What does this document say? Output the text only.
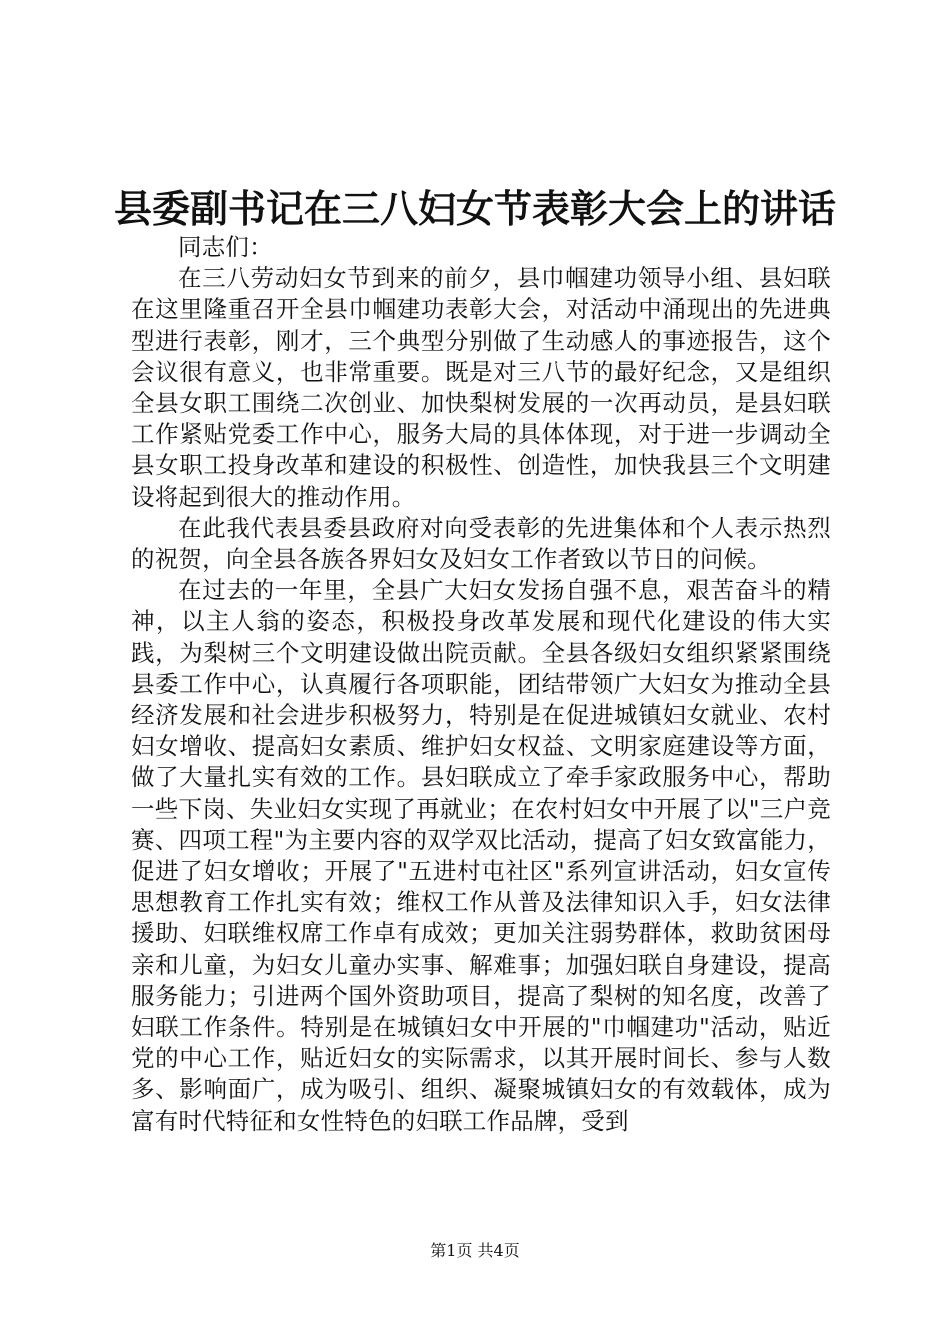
县委副书记在三八妇女节表彰大会上的讲话

同志们：

在三八劳动妇女节到来的前夕，县巾帼建功领导小组、县妇联在这里隆重召开全县巾帼建功表彰大会，对活动中涌现出的先进典型进行表彰，刚才，三个典型分别做了生动感人的事迹报告，这个会议很有意义，也非常重要。既是对三八节的最好纪念，又是组织全县女职工围绕二次创业、加快梨树发展的一次再动员，是县妇联工作紧贴党委工作中心，服务大局的具体体现，对于进一步调动全县女职工投身改革和建设的积极性、创造性，加快我县三个文明建设将起到很大的推动作用。

在此我代表县委县政府对向受表彰的先进集体和个人表示热烈的祝贺，向全县各族各界妇女及妇女工作者致以节日的问候。

在过去的一年里，全县广大妇女发扬自强不息，艰苦奋斗的精神，以主人翁的姿态，积极投身改革发展和现代化建设的伟大实践，为梨树三个文明建设做出院贡献。全县各级妇女组织紧紧围绕县委工作中心，认真履行各项职能，团结带领广大妇女为推动全县经济发展和社会进步积极努力，特别是在促进城镇妇女就业、农村妇女增收、提高妇女素质、维护妇女权益、文明家庭建设等方面，做了大量扎实有效的工作。县妇联成立了牵手家政服务中心，帮助一些下岗、失业妇女实现了再就业；在农村妇女中开展了以"三户竞赛、四项工程"为主要内容的双学双比活动，提高了妇女致富能力，促进了妇女增收；开展了"五进村屯社区"系列宣讲活动，妇女宣传思想教育工作扎实有效；维权工作从普及法律知识入手，妇女法律援助、妇联维权席工作卓有成效；更加关注弱势群体，救助贫困母亲和儿童，为妇女儿童办实事、解难事；加强妇联自身建设，提高服务能力；引进两个国外资助项目，提高了梨树的知名度，改善了妇联工作条件。特别是在城镇妇女中开展的"巾帼建功"活动，贴近党的中心工作，贴近妇女的实际需求，以其开展时间长、参与人数多、影响面广，成为吸引、组织、凝聚城镇妇女的有效载体，成为富有时代特征和女性特色的妇联工作品牌，受到

第1页 共4页
